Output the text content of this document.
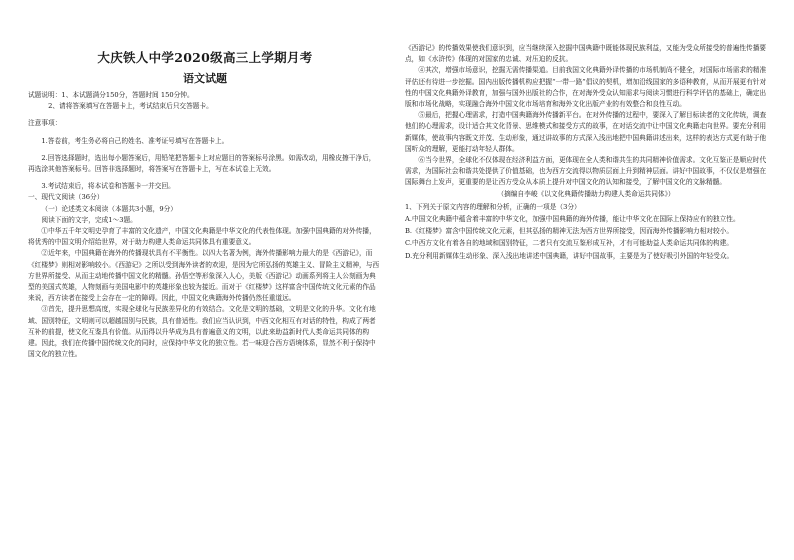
大庆铁人中学2020级高三上学期月考
语文试题

试题说明：1、本试题满分150分，答题时间 150分钟。

2、请将答案填写在答题卡上，考试结束后只交答题卡。

注意事项：

1.答卷前，考生务必将自己的姓名、准考证号填写在答题卡上。

2.回答选择题时，选出每小题答案后，用铅笔把答题卡上对应题目的答案标号涂黑。如需改动，用橡皮擦干净后，再选涂其他答案标号。回答非选择题时，将答案写在答题卡上，写在本试卷上无效。

3.考试结束后，将本试卷和答题卡一并交回。

一、现代文阅读（36分）

（一）论述类文本阅读（本题共3小题，9分）

阅读下面的文字，完成1～3题。

①中华五千年文明史孕育了丰富的文化遗产，中国文化典籍是中华文化的代表性体现。加强中国典籍的对外传播，将优秀的中国文明介绍给世界，对于助力构建人类命运共同体具有重要意义。

②近年来，中国典籍在海外的传播现状具有不平衡性。以四大名著为例，海外传播影响力最大的是《西游记》，而《红楼梦》则相对影响较小。《西游记》之所以受到海外读者的欢迎，是因为它所弘扬的英雄主义、冒险主义精神，与西方世界所接受、从而主动地传播中国文化的精髓。孙悟空等形象深入人心，美版《西游记》动画系列将主人公刻画为典型的美国式英雄，人物刻画与美国电影中的英雄形象也较为接近。而对于《红楼梦》这样富含中国传统文化元素的作品来说，西方读者在接受上会存在一定的障碍。因此，中国文化典籍海外传播仍然任重道远。

③首先，提升思想高度，实现全球化与民族差异化的有效结合。文化是文明的基础，文明是文化的升华。文化有地域、国别特征，文明则可以超越国别与民族，具有普适性。我们应当认识到，中西文化相互有对话的特性，构成了两者互补的前提，使文化互鉴具有价值。从而得以升华成为具有普遍意义的文明，以此来助益新时代人类命运共同体的构建。因此，我们在传播中国传统文化的同时，应保持中华文化的独立性。若一味迎合西方语境体系，显然不利于保持中国文化的独立性。

《西游记》的传播效果使我们意识到，应当继续深入挖掘中国典籍中既能体现民族利益，又能为受众所接受的普遍性传播要点，如《水浒传》体现的对国家的忠诚、对压迫的反抗。

④其次，增强市场意识，挖掘无需传播渠道。目前我国文化典籍外译传播的市场机制尚不健全，对国际市场需求的精准评估还有待进一步挖掘。国内出版传播机构应把握“一带一路”倡议的契机，增加沿线国家的多语种教育，从而开展更有针对性的中国文化典籍外译教育，加强与国外出版社的合作，在对海外受众认知需求与阅读习惯进行科学评估的基础上，确定出版和市场化战略，实现融合海外中国文化市场培育和海外文化出版产业的有效整合和良性互动。

⑤最后，把握心理需求，打造中国典籍海外传播新平台。在对外传播的过程中，要深入了解目标读者的文化传统，调查他们的心理需求，设计适合其文化背景、思维模式和接受方式的故事，在对话交流中让中国文化典籍走向世界。要充分利用新媒体，使故事内容既文并茂、生动形象，通过讲故事的方式深入浅出地把中国典籍讲述出来，这样的表达方式更有助于他国听众的理解，更能打动年轻人群体。

⑥当今世界，全球化不仅体现在经济利益方面，更体现在全人类和谐共生的共同精神价值需求。文化互鉴正是顺应时代需求，为国际社会和谐共处提供了价值基础，也为西方交流得以物质层面上升到精神层面。讲好中国故事，不仅仅是增强在国际舞台上发声，更重要的是让西方受众从本质上提升对中国文化的认知和接受，了解中国文化的文脉精髓。

（摘编自李峻《以文化典籍传播助力构建人类命运共同体》）

1、下列关于原文内容的理解和分析，正确的一项是（3分）

A.中国文化典籍中蕴含着丰富的中华文化，加强中国典籍的海外传播，能让中华文化在国际上保持应有的独立性。

B.《红楼梦》富含中国传统文化元素，但其弘扬的精神无法为西方世界所接受，因而海外传播影响力相对较小。

C.中西方文化有着各自的地域和国别特征，二者只有交流互鉴形成互补，才有可能助益人类命运共同体的构建。

D.充分利用新媒体生动形象、深入浅出地讲述中国典籍，讲好中国故事，主要是为了使好吸引外国的年轻受众。
